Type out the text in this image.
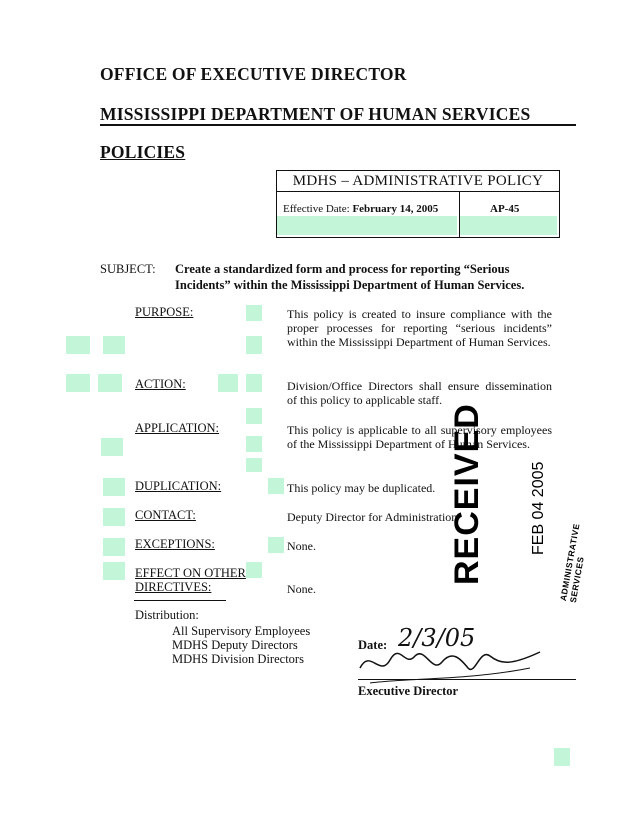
OFFICE OF EXECUTIVE DIRECTOR
MISSISSIPPI DEPARTMENT OF HUMAN SERVICES
POLICIES
MDHS – ADMINISTRATIVE POLICY
Effective Date: February 14, 2005	AP-45
SUBJECT: Create a standardized form and process for reporting “Serious
Incidents” within the Mississippi Department of Human Services.
PURPOSE:	This policy is created to insure compliance with the proper processes for reporting “serious incidents” within the Mississippi Department of Human Services.
ACTION:	Division/Office Directors shall ensure dissemination of this policy to applicable staff.
APPLICATION:	This policy is applicable to all supervisory employees of the Mississippi Department of Human Services.
DUPLICATION:	This policy may be duplicated.
CONTACT:	Deputy Director for Administration
EXCEPTIONS:	None.
EFFECT ON OTHER
DIRECTIVES:	None.
Distribution:
All Supervisory Employees
MDHS Deputy Directors
MDHS Division Directors
Date: 2/3/05
Executive Director
RECEIVED	FEB 04 2005
ADMINISTRATIVE SERVICES
